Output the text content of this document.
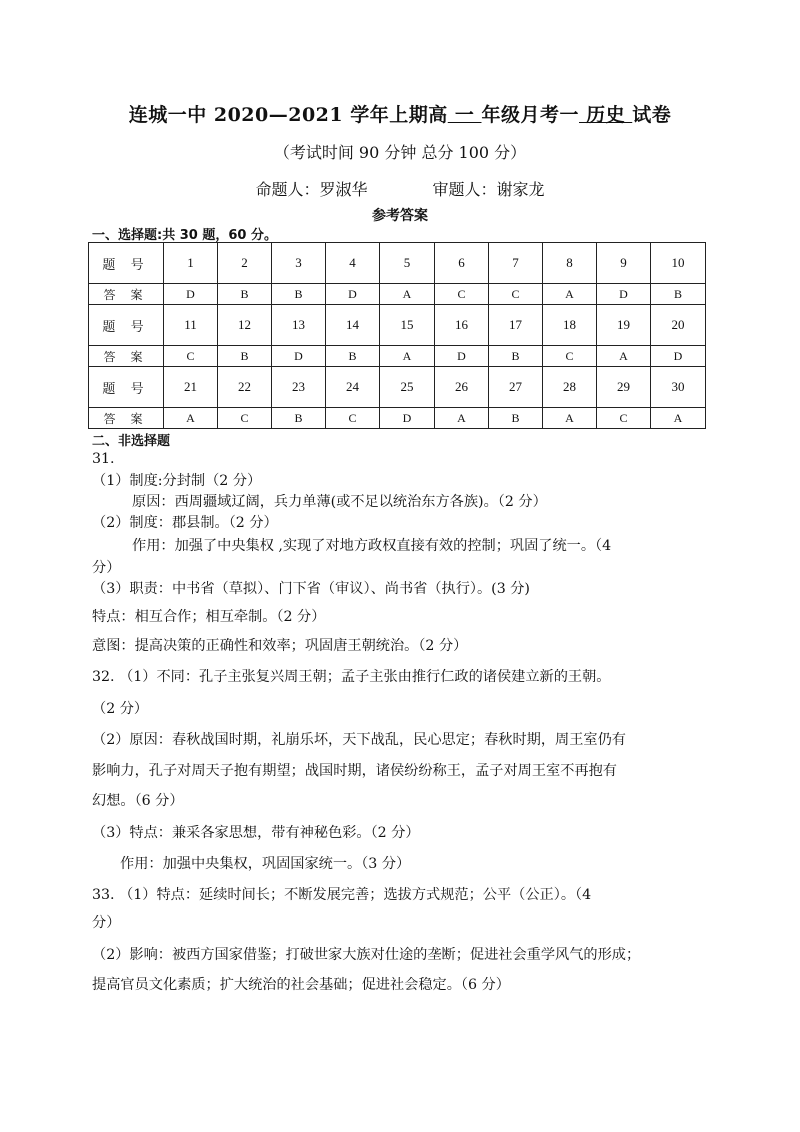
连城一中 2020—2021 学年上期高 一 年级月考一 历史 试卷
（考试时间 90 分钟 总分 100 分）
命题人：罗淑华	审题人：谢家龙
参考答案
一、选择题:共 30 题，60 分。
题 号	1	2	3	4	5	6	7	8	9	10
答 案	D	B	B	D	A	C	C	A	D	B
题 号	11	12	13	14	15	16	17	18	19	20
答 案	C	B	D	B	A	D	B	C	A	D
题 号	21	22	23	24	25	26	27	28	29	30
答 案	A	C	B	C	D	A	B	A	C	A
二、非选择题
31.
（1）制度:分封制（2 分）
原因：西周疆域辽阔，兵力单薄(或不足以统治东方各族)。（2 分）
（2）制度：郡县制。（2 分）
作用：加强了中央集权 ,实现了对地方政权直接有效的控制；巩固了统一。（4
分）
（3）职责：中书省（草拟）、门下省（审议）、尚书省（执行）。(3 分)
特点：相互合作；相互牵制。（2 分）
意图：提高决策的正确性和效率；巩固唐王朝统治。（2 分）
32. （1）不同：孔子主张复兴周王朝；孟子主张由推行仁政的诸侯建立新的王朝。
（2 分）
（2）原因：春秋战国时期，礼崩乐坏，天下战乱，民心思定；春秋时期，周王室仍有
影响力，孔子对周天子抱有期望；战国时期，诸侯纷纷称王，孟子对周王室不再抱有
幻想。（6 分）
（3）特点：兼采各家思想，带有神秘色彩。（2 分）
作用：加强中央集权，巩固国家统一。（3 分）
33. （1）特点：延续时间长；不断发展完善；选拔方式规范；公平（公正）。（4
分）
（2）影响：被西方国家借鉴；打破世家大族对仕途的垄断；促进社会重学风气的形成；
提高官员文化素质；扩大统治的社会基础；促进社会稳定。（6 分）
